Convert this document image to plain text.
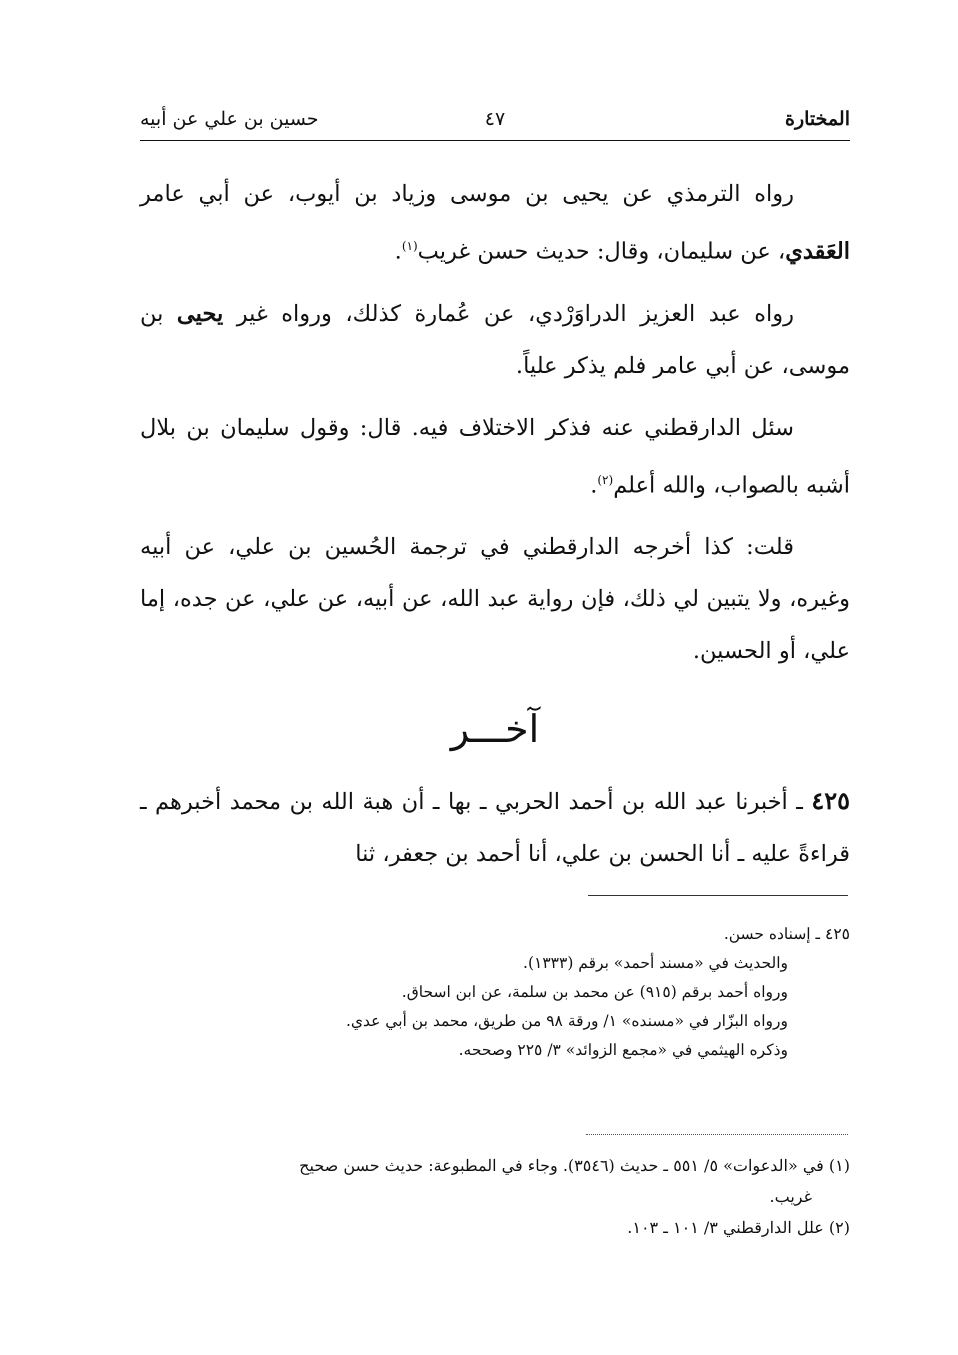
المختارة
٤٧
حسين بن علي عن أبيه

رواه الترمذي عن يحيى بن موسى وزياد بن أيوب، عن أبي عامر العَقدي، عن سليمان، وقال: حديث حسن غريب$^{(١)}$.

رواه عبد العزيز الدراوَرْدي، عن عُمارة كذلك، ورواه غير يحيى بن موسى، عن أبي عامر فلم يذكر علياً.

سئل الدارقطني عنه فذكر الاختلاف فيه. قال: وقول سليمان بن بلال أشبه بالصواب، والله أعلم$^{(٢)}$.

قلت: كذا أخرجه الدارقطني في ترجمة الحُسين بن علي، عن أبيه وغيره، ولا يتبين لي ذلك، فإن رواية عبد الله، عن أبيه، عن علي، عن جده، إما علي، أو الحسين.

آخـــر

٤٢٥ ـ أخبرنا عبد الله بن أحمد الحربي ـ بها ـ أن هبة الله بن محمد أخبرهم ـ قراءةً عليه ـ أنا الحسن بن علي، أنا أحمد بن جعفر، ثنا

٤٢٥ ـ إسناده حسن.
والحديث في «مسند أحمد» برقم (١٣٣٣).
ورواه أحمد برقم (٩١٥) عن محمد بن سلمة، عن ابن اسحاق.
ورواه البزّار في «مسنده» ١/ ورقة ٩٨ من طريق، محمد بن أبي عدي.
وذكره الهيثمي في «مجمع الزوائد» ٣/ ٢٢٥ وصححه.
(١) في «الدعوات» ٥/ ٥٥١ ـ حديث (٣٥٤٦). وجاء في المطبوعة: حديث حسن صحيح
غريب.
(٢) علل الدارقطني ٣/ ١٠١ ـ ١٠٣.
